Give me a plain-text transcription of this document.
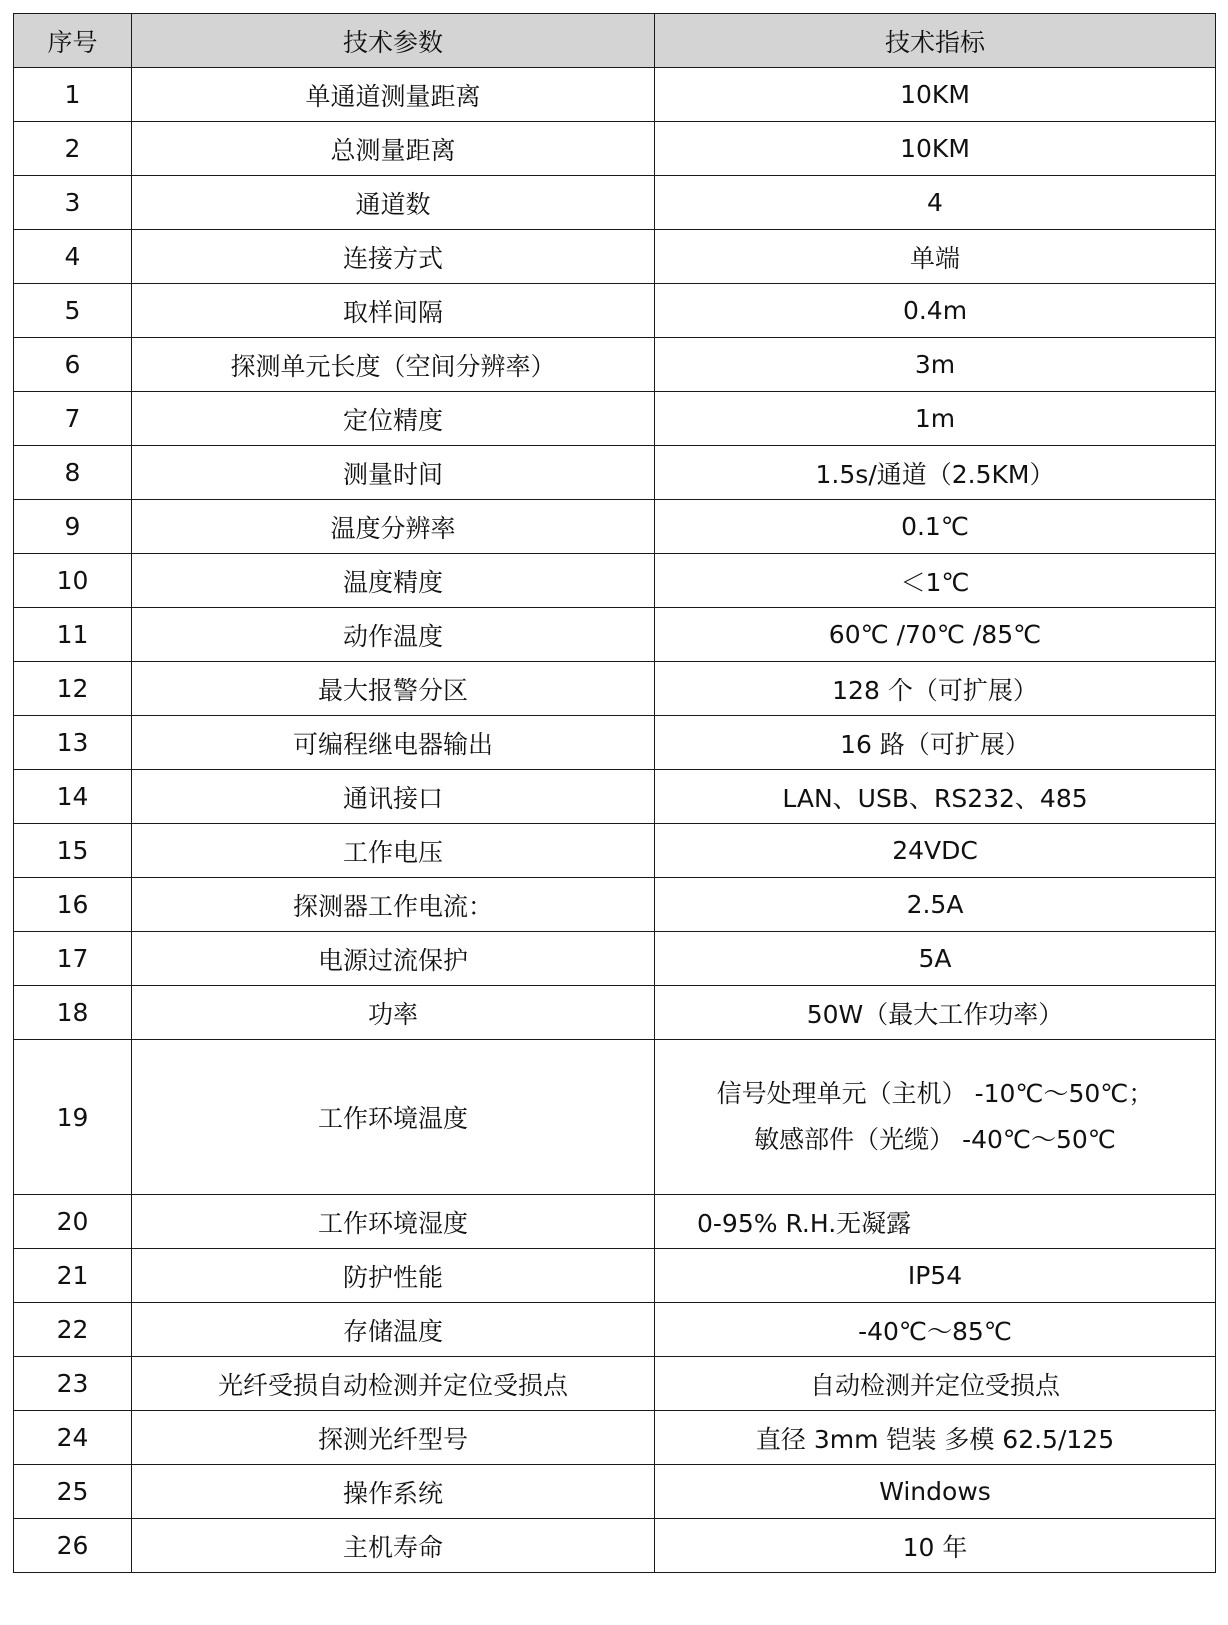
序号	技术参数	技术指标
1	单通道测量距离	10KM
2	总测量距离	10KM
3	通道数	4
4	连接方式	单端
5	取样间隔	0.4m
6	探测单元长度（空间分辨率）	3m
7	定位精度	1m
8	测量时间	1.5s/通道（2.5KM）
9	温度分辨率	0.1℃
10	温度精度	＜1℃
11	动作温度	60℃ /70℃ /85℃
12	最大报警分区	128 个（可扩展）
13	可编程继电器输出	16 路（可扩展）
14	通讯接口	LAN、USB、RS232、485
15	工作电压	24VDC
16	探测器工作电流：	2.5A
17	电源过流保护	5A
18	功率	50W（最大工作功率）
19	工作环境温度	信号处理单元（主机） -10℃～50℃；
敏感部件（光缆） -40℃～50℃

20	工作环境湿度	0-95% R.H.无凝露
21	防护性能	IP54
22	存储温度	-40℃～85℃
23	光纤受损自动检测并定位受损点	自动检测并定位受损点
24	探测光纤型号	直径 3mm 铠装 多模 62.5/125
25	操作系统	Windows
26	主机寿命	10 年
